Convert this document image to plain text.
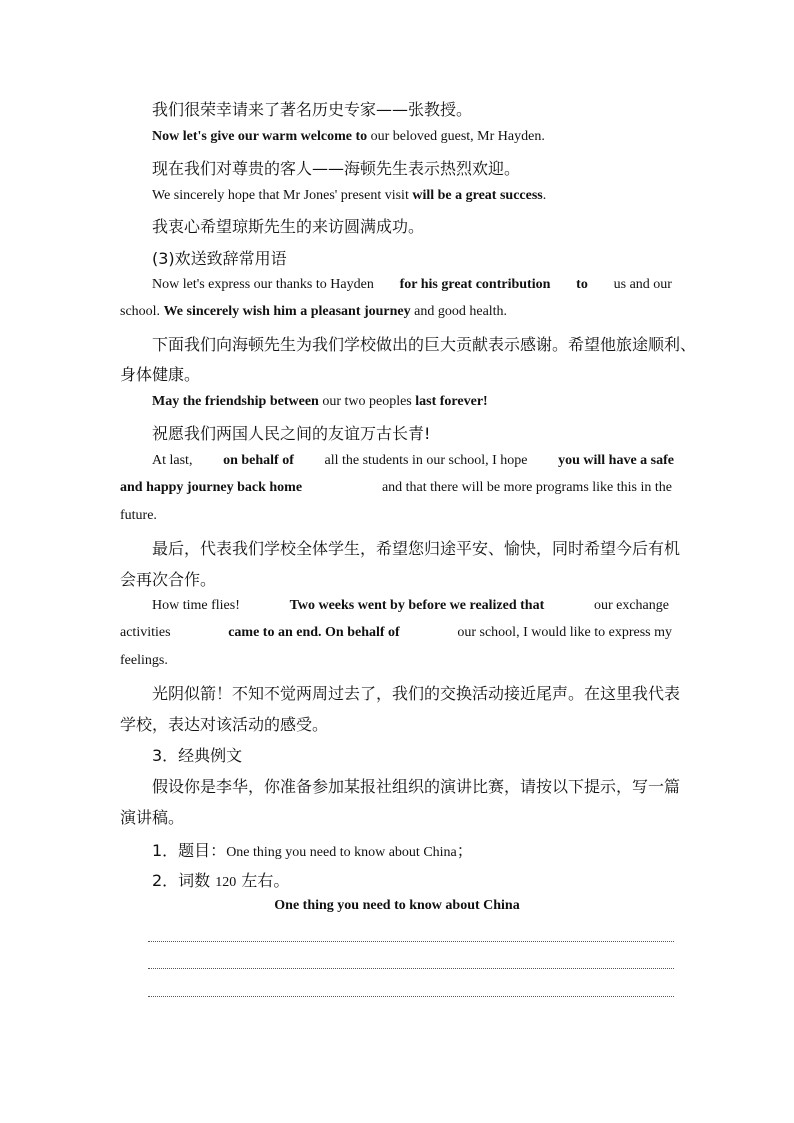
我们很荣幸请来了著名历史专家——张教授。
Now let's give our warm welcome to our beloved guest, Mr Hayden.
现在我们对尊贵的客人——海顿先生表示热烈欢迎。
We sincerely hope that Mr Jones' present visit will be a great success.
我衷心希望琼斯先生的来访圆满成功。
(3)欢送致辞常用语
Now let's express our thanks to Hayden for his great contribution to us and our
school. We sincerely wish him a pleasant journey and good health.
下面我们向海顿先生为我们学校做出的巨大贡献表示感谢。希望他旅途顺利、
身体健康。
May the friendship between our two peoples last forever!
祝愿我们两国人民之间的友谊万古长青!
At last, on behalf of all the students in our school, I hope you will have a safe
and happy journey back home	and that there will be more programs like this in the
future.
最后，代表我们学校全体学生，希望您归途平安、愉快，同时希望今后有机
会再次合作。
How time flies!	Two weeks went by before we realized that	our exchange
activities	came to an end. On behalf of	our school, I would like to express my
feelings.
光阴似箭！不知不觉两周过去了，我们的交换活动接近尾声。在这里我代表
学校，表达对该活动的感受。
3．经典例文
假设你是李华，你准备参加某报社组织的演讲比赛，请按以下提示，写一篇
演讲稿。
1．题目：One thing you need to know about China；
2．词数 120 左右。
One thing you need to know about China
